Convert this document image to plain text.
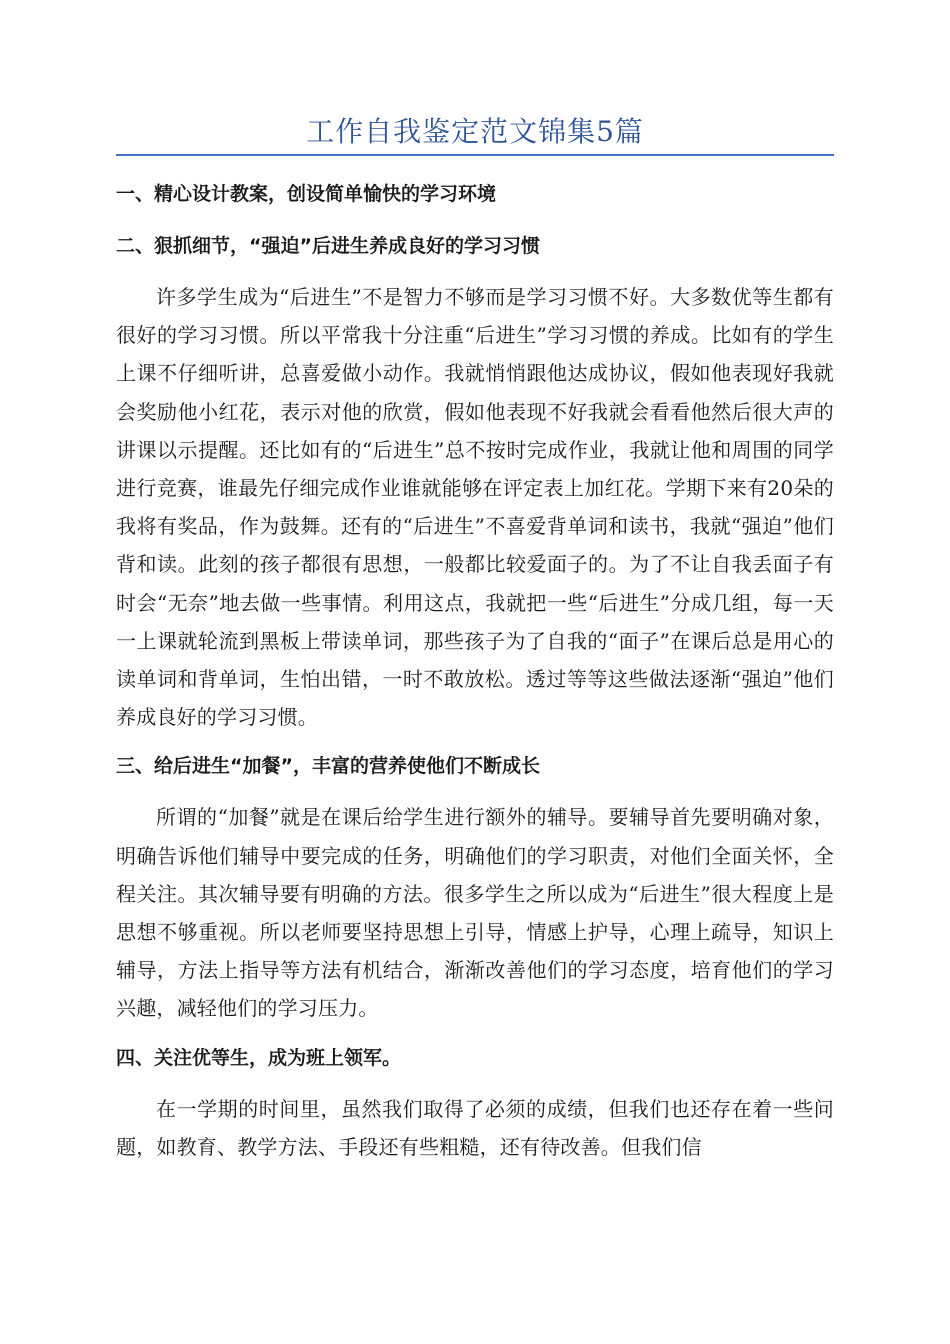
工作自我鉴定范文锦集5篇
一、精心设计教案，创设简单愉快的学习环境
二、狠抓细节，“强迫”后进生养成良好的学习习惯

许多学生成为“后进生”不是智力不够而是学习习惯不好。大多数优等生都有很好的学习习惯。所以平常我十分注重“后进生”学习习惯的养成。比如有的学生上课不仔细听讲，总喜爱做小动作。我就悄悄跟他达成协议，假如他表现好我就会奖励他小红花，表示对他的欣赏，假如他表现不好我就会看看他然后很大声的讲课以示提醒。还比如有的“后进生”总不按时完成作业，我就让他和周围的同学进行竞赛，谁最先仔细完成作业谁就能够在评定表上加红花。学期下来有20朵的我将有奖品，作为鼓舞。还有的“后进生”不喜爱背单词和读书，我就“强迫”他们背和读。此刻的孩子都很有思想，一般都比较爱面子的。为了不让自我丢面子有时会“无奈”地去做一些事情。利用这点，我就把一些“后进生”分成几组，每一天一上课就轮流到黑板上带读单词，那些孩子为了自我的“面子”在课后总是用心的读单词和背单词，生怕出错，一时不敢放松。透过等等这些做法逐渐“强迫”他们养成良好的学习习惯。

三、给后进生“加餐”，丰富的营养使他们不断成长

所谓的“加餐”就是在课后给学生进行额外的辅导。要辅导首先要明确对象，明确告诉他们辅导中要完成的任务，明确他们的学习职责，对他们全面关怀，全程关注。其次辅导要有明确的方法。很多学生之所以成为“后进生”很大程度上是思想不够重视。所以老师要坚持思想上引导，情感上护导，心理上疏导，知识上辅导，方法上指导等方法有机结合，渐渐改善他们的学习态度，培育他们的学习兴趣，减轻他们的学习压力。

四、关注优等生，成为班上领军。

在一学期的时间里，虽然我们取得了必须的成绩，但我们也还存在着一些问题，如教育、教学方法、手段还有些粗糙，还有待改善。但我们信
